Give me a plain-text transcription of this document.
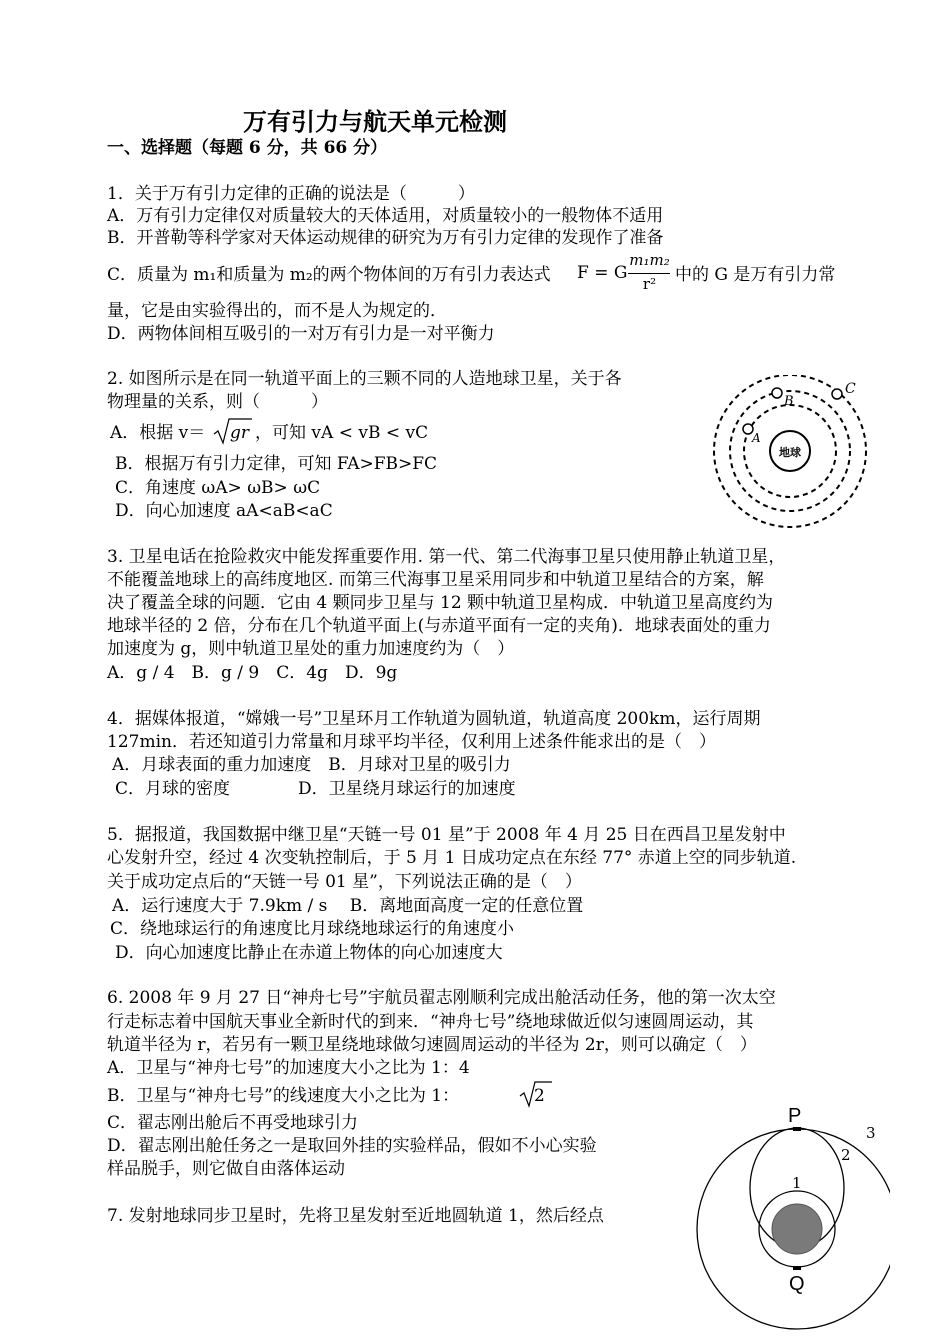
万有引力与航天单元检测
一、选择题（每题 6 分，共 66 分）
1．关于万有引力定律的正确的说法是（　　　）
A．万有引力定律仅对质量较大的天体适用，对质量较小的一般物体不适用
B．开普勒等科学家对天体运动规律的研究为万有引力定律的发现作了准备
C．质量为 m₁和质量为 m₂的两个物体间的万有引力表达式 F = G
m₁m₂
r²	中的 G 是万有引力常
量，它是由实验得出的，而不是人为规定的．
D．两物体间相互吸引的一对万有引力是一对平衡力
2. 如图所示是在同一轨道平面上的三颗不同的人造地球卫星，关于各
物理量的关系，则（　　　）
A．根据 v＝ gr ，可知 vA < vB < vC
B．根据万有引力定律，可知 FA>FB>FC
C．角速度 ωA> ωB> ωC
D．向心加速度 aA<aB<aC
地球
A
B
C
3. 卫星电话在抢险救灾中能发挥重要作用. 第一代、第二代海事卫星只使用静止轨道卫星，
不能覆盖地球上的高纬度地区. 而第三代海事卫星采用同步和中轨道卫星结合的方案，解
决了覆盖全球的问题．它由 4 颗同步卫星与 12 颗中轨道卫星构成．中轨道卫星高度约为
地球半径的 2 倍，分布在几个轨道平面上(与赤道平面有一定的夹角)．地球表面处的重力
加速度为 g，则中轨道卫星处的重力加速度约为（　）
A．g / 4　B．g / 9　C．4g　D．9g
4．据媒体报道，“嫦娥一号”卫星环月工作轨道为圆轨道，轨道高度 200km，运行周期
127min．若还知道引力常量和月球平均半径，仅利用上述条件能求出的是（　）
A．月球表面的重力加速度　B．月球对卫星的吸引力
C．月球的密度　　　　D．卫星绕月球运行的加速度
5．据报道，我国数据中继卫星“天链一号 01 星”于 2008 年 4 月 25 日在西昌卫星发射中
心发射升空，经过 4 次变轨控制后，于 5 月 1 日成功定点在东经 77° 赤道上空的同步轨道.
关于成功定点后的“天链一号 01 星”，下列说法正确的是（　）
A．运行速度大于 7.9km / s　 B．离地面高度一定的任意位置
C．绕地球运行的角速度比月球绕地球运行的角速度小
D．向心加速度比静止在赤道上物体的向心加速度大
6. 2008 年 9 月 27 日“神舟七号”宇航员翟志刚顺利完成出舱活动任务，他的第一次太空
行走标志着中国航天事业全新时代的到来．“神舟七号”绕地球做近似匀速圆周运动，其
轨道半径为 r，若另有一颗卫星绕地球做匀速圆周运动的半径为 2r，则可以确定（　）
A．卫星与“神舟七号”的加速度大小之比为 1：4
B．卫星与“神舟七号”的线速度大小之比为 1：	2
C．翟志刚出舱后不再受地球引力
D．翟志刚出舱任务之一是取回外挂的实验样品，假如不小心实验
样品脱手，则它做自由落体运动
7. 发射地球同步卫星时，先将卫星发射至近地圆轨道 1，然后经点
P
Q
1
2
3
